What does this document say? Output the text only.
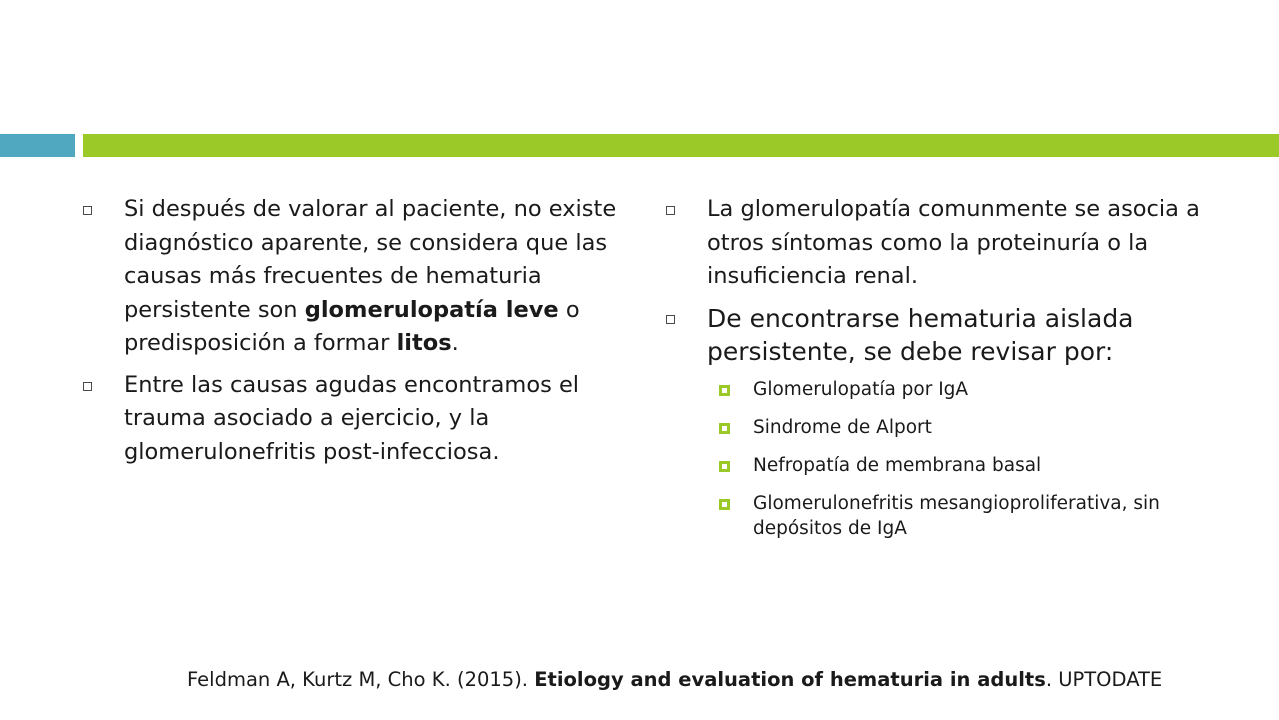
Si después de valorar al paciente, no existe diagnóstico aparente, se considera que las causas más frecuentes de hematuria persistente son glomerulopatía leve o predisposición a formar litos.
Entre las causas agudas encontramos el trauma asociado a ejercicio, y la glomerulonefritis post-infecciosa.
La glomerulopatía comunmente se asocia a otros síntomas como la proteinuría o la insuficiencia renal.
De encontrarse hematuria aislada persistente, se debe revisar por:
Glomerulopatía por IgA
Sindrome de Alport
Nefropatía de membrana basal
Glomerulonefritis mesangioproliferativa, sin depósitos de IgA
Feldman A, Kurtz M, Cho K. (2015). Etiology and evaluation of hematuria in adults. UPTODATE
